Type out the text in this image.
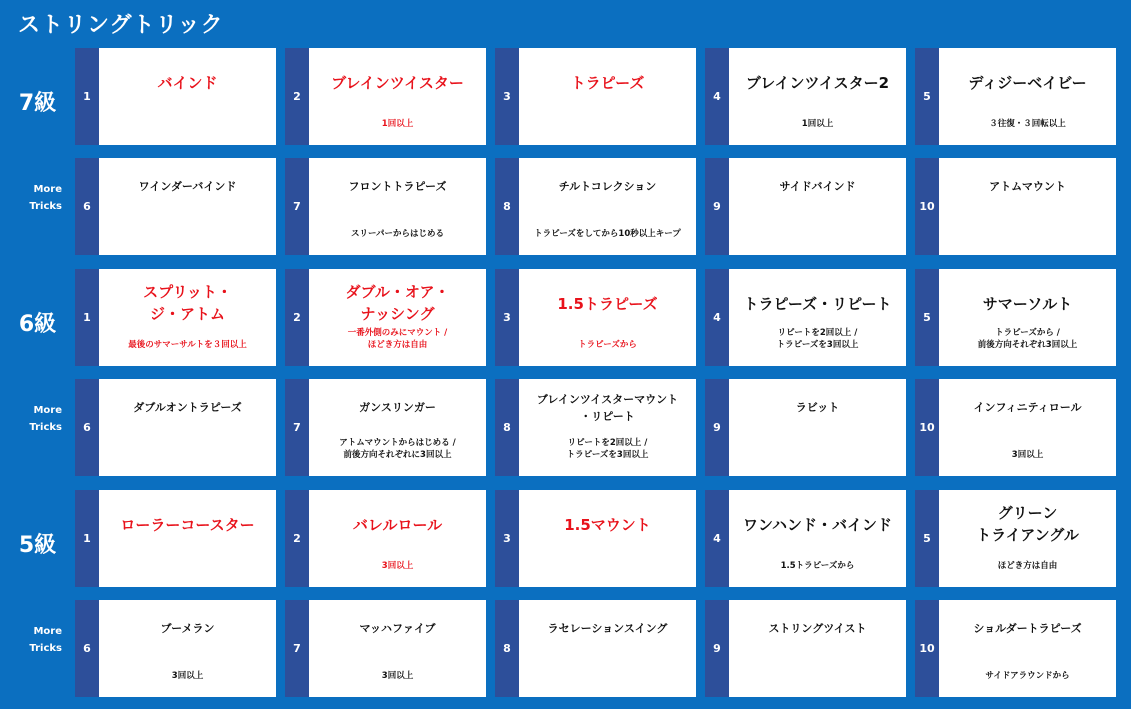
ストリングトリック
7級
More
Tricks
1
バインド
2
ブレインツイスター
1回以上
3
トラピーズ
4
ブレインツイスター2
1回以上
5
ディジーベイビー
３往復・３回転以上
6
ワインダーバインド
7
フロントトラピーズ
スリーパーからはじめる
8
チルトコレクション
トラピーズをしてから10秒以上キープ
9
サイドバインド
10
アトムマウント
6級
More
Tricks
1
スプリット・
ジ・アトム
最後のサマーサルトを３回以上
2
ダブル・オア・
ナッシング
一番外側のみにマウント /
ほどき方は自由
3
1.5トラピーズ
トラピーズから
4
トラピーズ・リピート
リピートを2回以上 /
トラピーズを3回以上
5
サマーソルト
トラピーズから /
前後方向それぞれ3回以上
6
ダブルオントラピーズ
7
ガンスリンガー
アトムマウントからはじめる /
前後方向それぞれに3回以上
8
ブレインツイスターマウント
・リピート
リピートを2回以上 /
トラピーズを3回以上
9
ラビット
10
インフィニティロール
3回以上
5級
More
Tricks
1
ローラーコースター
2
バレルロール
3回以上
3
1.5マウント
4
ワンハンド・バインド
1.5トラピーズから
5
グリーン
トライアングル
ほどき方は自由
6
ブーメラン
3回以上
7
マッハファイブ
3回以上
8
ラセレーションスイング
9
ストリングツイスト
10
ショルダートラピーズ
サイドアラウンドから
